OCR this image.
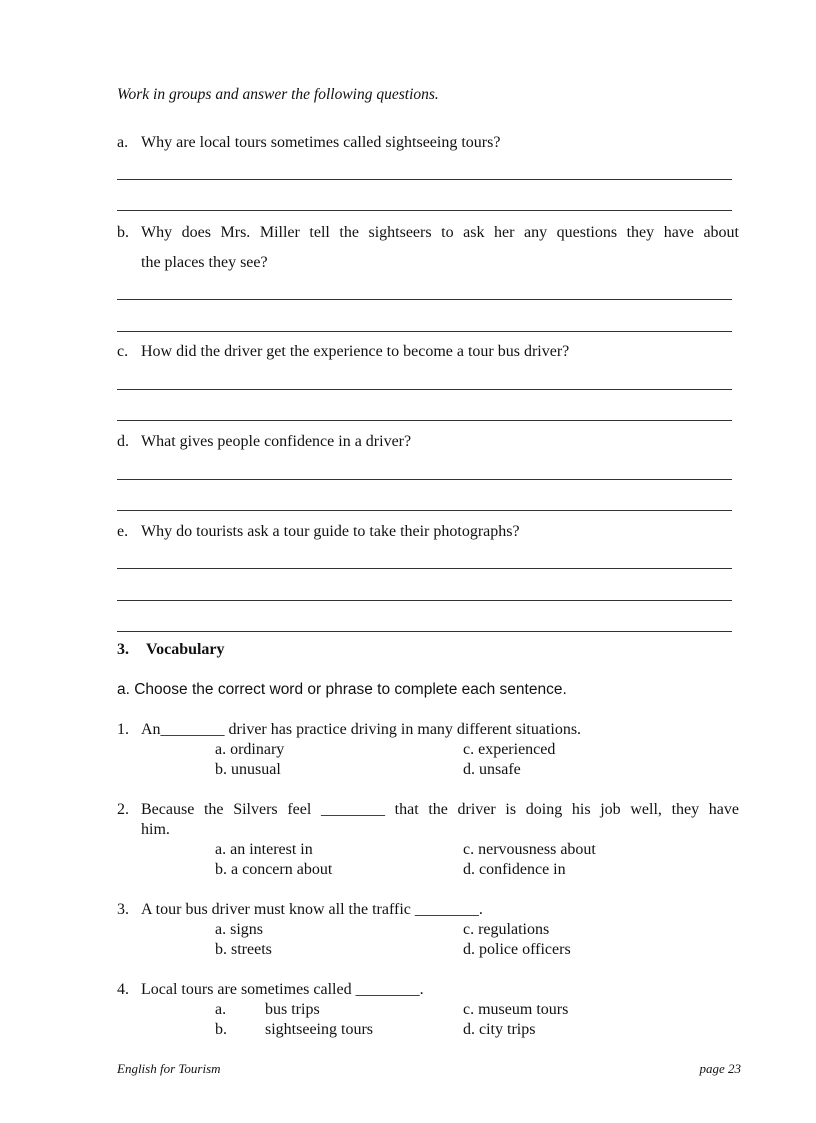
Work in groups and answer the following questions.
a. Why are local tours sometimes called sightseeing tours?
b. Why does Mrs. Miller tell the sightseers to ask her any questions they have about
the places they see?
c. How did the driver get the experience to become a tour bus driver?
d. What gives people confidence in a driver?
e. Why do tourists ask a tour guide to take their photographs?
3. Vocabulary
a. Choose the correct word or phrase to complete each sentence.
1. An________ driver has practice driving in many different situations.
a. ordinary	c. experienced
b. unusual	d. unsafe
2. Because the Silvers feel ________ that the driver is doing his job well, they have
him.
a. an interest in	c. nervousness about
b. a concern about	d. confidence in
3. A tour bus driver must know all the traffic ________.
a. signs	c. regulations
b. streets	d. police officers
4. Local tours are sometimes called ________.
a. bus trips	c. museum tours
b. sightseeing tours	d. city trips
English for Tourism	page 23
